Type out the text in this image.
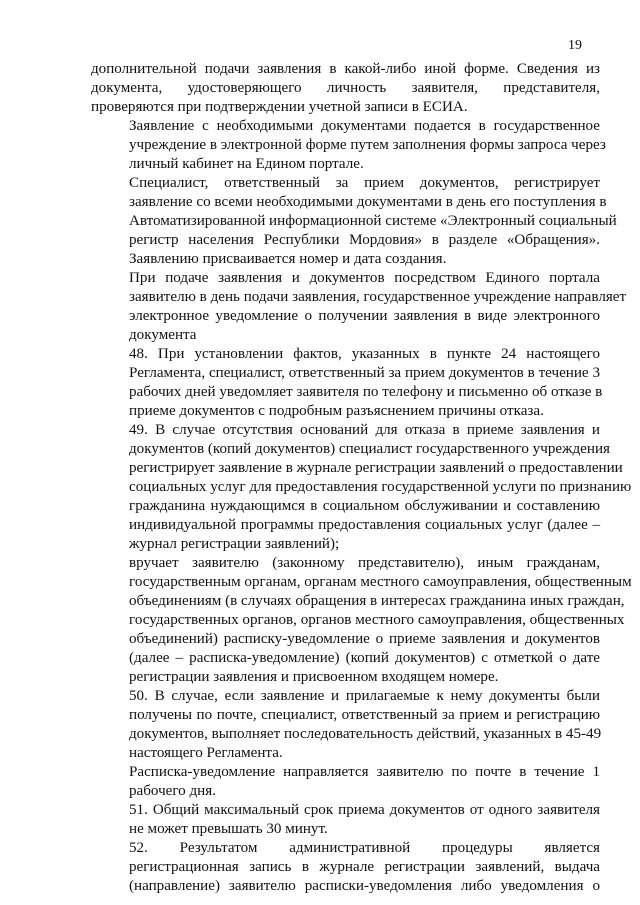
19

дополнительной подачи заявления в какой-либо иной форме. Сведения из
документа, удостоверяющего личность заявителя, представителя,
проверяются при подтверждении учетной записи в ЕСИА.

Заявление с необходимыми документами подается в государственное
учреждение в электронной форме путем заполнения формы запроса через
личный кабинет на Едином портале.

Специалист, ответственный за прием документов, регистрирует
заявление со всеми необходимыми документами в день его поступления в
Автоматизированной информационной системе «Электронный социальный
регистр населения Республики Мордовия» в разделе «Обращения».
Заявлению присваивается номер и дата создания.

При подаче заявления и документов посредством Единого портала
заявителю в день подачи заявления, государственное учреждение направляет
электронное уведомление о получении заявления в виде электронного
документа

48. При установлении фактов, указанных в пункте 24 настоящего
Регламента, специалист, ответственный за прием документов в течение 3
рабочих дней уведомляет заявителя по телефону и письменно об отказе в
приеме документов с подробным разъяснением причины отказа.

49. В случае отсутствия оснований для отказа в приеме заявления и
документов (копий документов) специалист государственного учреждения
регистрирует заявление в журнале регистрации заявлений о предоставлении
социальных услуг для предоставления государственной услуги по признанию
гражданина нуждающимся в социальном обслуживании и составлению
индивидуальной программы предоставления социальных услуг (далее –
журнал регистрации заявлений);

вручает заявителю (законному представителю), иным гражданам,
государственным органам, органам местного самоуправления, общественным
объединениям (в случаях обращения в интересах гражданина иных граждан,
государственных органов, органов местного самоуправления, общественных
объединений) расписку-уведомление о приеме заявления и документов
(далее – расписка-уведомление) (копий документов) с отметкой о дате
регистрации заявления и присвоенном входящем номере.

50. В случае, если заявление и прилагаемые к нему документы были
получены по почте, специалист, ответственный за прием и регистрацию
документов, выполняет последовательность действий, указанных в 45-49
настоящего Регламента.

Расписка-уведомление направляется заявителю по почте в течение 1
рабочего дня.

51. Общий максимальный срок приема документов от одного заявителя
не может превышать 30 минут.

52. Результатом административной процедуры является
регистрационная запись в журнале регистрации заявлений, выдача
(направление) заявителю расписки-уведомления либо уведомления о
